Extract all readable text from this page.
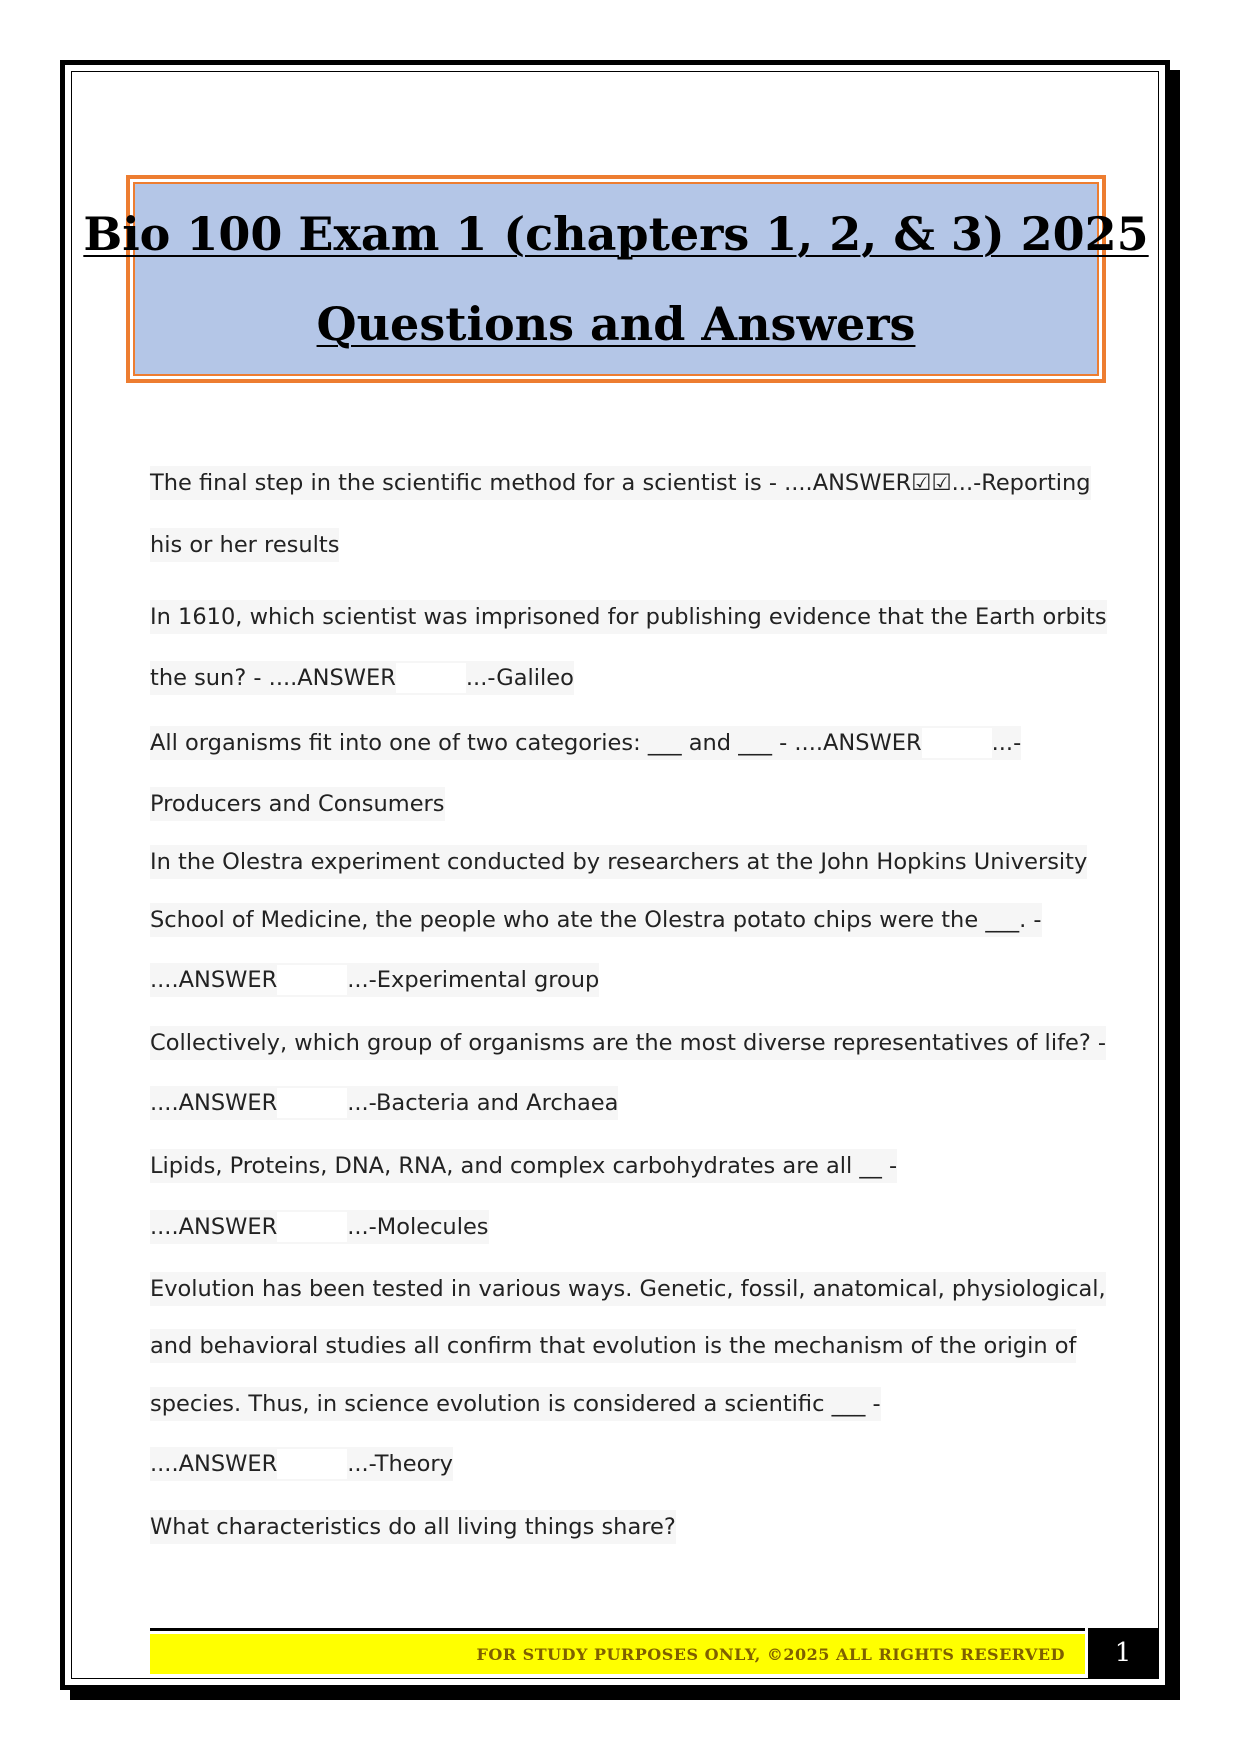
Bio 100 Exam 1 (chapters 1, 2, & 3) 2025
Questions and Answers
The final step in the scientific method for a scientist is - ....ANSWER☑☑...-Reporting
his or her results
In 1610, which scientist was imprisoned for publishing evidence that the Earth orbits
the sun? - ....ANSWER	...-Galileo
All organisms fit into one of two categories: ___ and ___ - ....ANSWER	...-
Producers and Consumers
In the Olestra experiment conducted by researchers at the John Hopkins University
School of Medicine, the people who ate the Olestra potato chips were the ___. -
....ANSWER	...-Experimental group
Collectively, which group of organisms are the most diverse representatives of life? -
....ANSWER	...-Bacteria and Archaea
Lipids, Proteins, DNA, RNA, and complex carbohydrates are all __ -
....ANSWER	...-Molecules
Evolution has been tested in various ways. Genetic, fossil, anatomical, physiological,
and behavioral studies all confirm that evolution is the mechanism of the origin of
species. Thus, in science evolution is considered a scientific ___ -
....ANSWER	...-Theory
What characteristics do all living things share?
FOR STUDY PURPOSES ONLY, ©2025 ALL RIGHTS RESERVED 1
